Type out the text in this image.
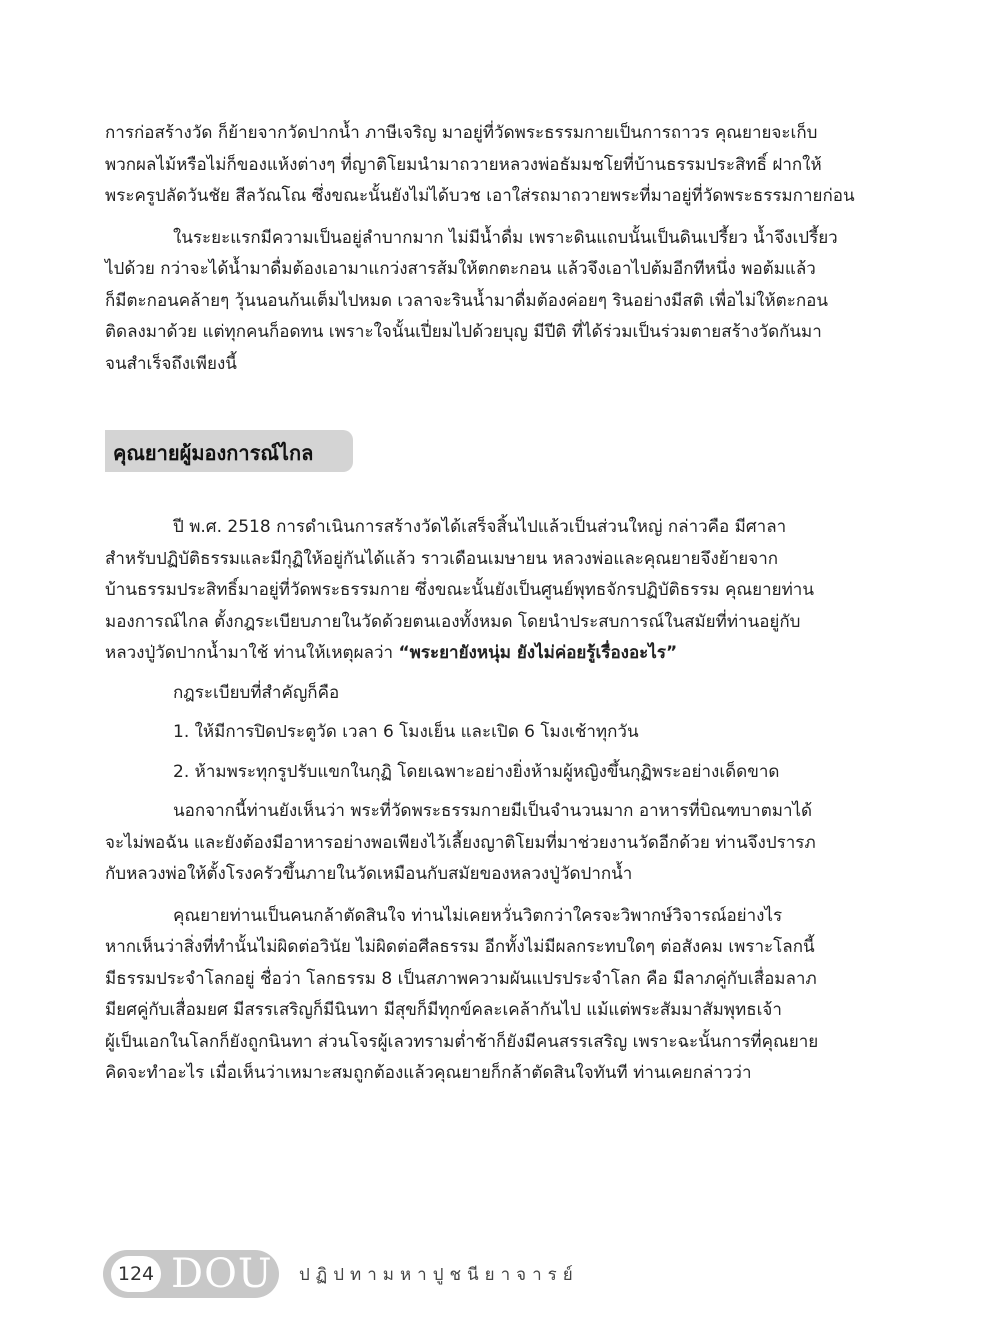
การก่อสร้างวัด ก็ย้ายจากวัดปากน้ำ ภาษีเจริญ มาอยู่ที่วัดพระธรรมกายเป็นการถาวร คุณยายจะเก็บ
พวกผลไม้หรือไม่ก็ของแห้งต่างๆ ที่ญาติโยมนำมาถวายหลวงพ่อธัมมชโยที่บ้านธรรมประสิทธิ์ ฝากให้
พระครูปลัดวันชัย สีลวัณโณ ซึ่งขณะนั้นยังไม่ได้บวช เอาใส่รถมาถวายพระที่มาอยู่ที่วัดพระธรรมกายก่อน
ในระยะแรกมีความเป็นอยู่ลำบากมาก ไม่มีน้ำดื่ม เพราะดินแถบนั้นเป็นดินเปรี้ยว น้ำจึงเปรี้ยว
ไปด้วย กว่าจะได้น้ำมาดื่มต้องเอามาแกว่งสารส้มให้ตกตะกอน แล้วจึงเอาไปต้มอีกทีหนึ่ง พอต้มแล้ว
ก็มีตะกอนคล้ายๆ วุ้นนอนก้นเต็มไปหมด เวลาจะรินน้ำมาดื่มต้องค่อยๆ รินอย่างมีสติ เพื่อไม่ให้ตะกอน
ติดลงมาด้วย แต่ทุกคนก็อดทน เพราะใจนั้นเปี่ยมไปด้วยบุญ มีปีติ ที่ได้ร่วมเป็นร่วมตายสร้างวัดกันมา
จนสำเร็จถึงเพียงนี้
คุณยายผู้มองการณ์ไกล
ปี พ.ศ. 2518 การดำเนินการสร้างวัดได้เสร็จสิ้นไปแล้วเป็นส่วนใหญ่ กล่าวคือ มีศาลา
สำหรับปฏิบัติธรรมและมีกุฏิให้อยู่กันได้แล้ว ราวเดือนเมษายน หลวงพ่อและคุณยายจึงย้ายจาก
บ้านธรรมประสิทธิ์มาอยู่ที่วัดพระธรรมกาย ซึ่งขณะนั้นยังเป็นศูนย์พุทธจักรปฏิบัติธรรม คุณยายท่าน
มองการณ์ไกล ตั้งกฎระเบียบภายในวัดด้วยตนเองทั้งหมด โดยนำประสบการณ์ในสมัยที่ท่านอยู่กับ
หลวงปู่วัดปากน้ำมาใช้ ท่านให้เหตุผลว่า “พระยายังหนุ่ม ยังไม่ค่อยรู้เรื่องอะไร”
กฎระเบียบที่สำคัญก็คือ
1. ให้มีการปิดประตูวัด เวลา 6 โมงเย็น และเปิด 6 โมงเช้าทุกวัน
2. ห้ามพระทุกรูปรับแขกในกุฏิ โดยเฉพาะอย่างยิ่งห้ามผู้หญิงขึ้นกุฏิพระอย่างเด็ดขาด
นอกจากนี้ท่านยังเห็นว่า พระที่วัดพระธรรมกายมีเป็นจำนวนมาก อาหารที่บิณฑบาตมาได้
จะไม่พอฉัน และยังต้องมีอาหารอย่างพอเพียงไว้เลี้ยงญาติโยมที่มาช่วยงานวัดอีกด้วย ท่านจึงปรารภ
กับหลวงพ่อให้ตั้งโรงครัวขึ้นภายในวัดเหมือนกับสมัยของหลวงปู่วัดปากน้ำ
คุณยายท่านเป็นคนกล้าตัดสินใจ ท่านไม่เคยหวั่นวิตกว่าใครจะวิพากษ์วิจารณ์อย่างไร
หากเห็นว่าสิ่งที่ทำนั้นไม่ผิดต่อวินัย ไม่ผิดต่อศีลธรรม อีกทั้งไม่มีผลกระทบใดๆ ต่อสังคม เพราะโลกนี้
มีธรรมประจำโลกอยู่ ชื่อว่า โลกธรรม 8 เป็นสภาพความผันแปรประจำโลก คือ มีลาภคู่กับเสื่อมลาภ
มียศคู่กับเสื่อมยศ มีสรรเสริญก็มีนินทา มีสุขก็มีทุกข์คละเคล้ากันไป แม้แต่พระสัมมาสัมพุทธเจ้า
ผู้เป็นเอกในโลกก็ยังถูกนินทา ส่วนโจรผู้เลวทรามต่ำช้าก็ยังมีคนสรรเสริญ เพราะฉะนั้นการที่คุณยาย
คิดจะทำอะไร เมื่อเห็นว่าเหมาะสมถูกต้องแล้วคุณยายก็กล้าตัดสินใจทันที ท่านเคยกล่าวว่า
124 DOU ปฏิปทามหาปูชนียาจารย์
